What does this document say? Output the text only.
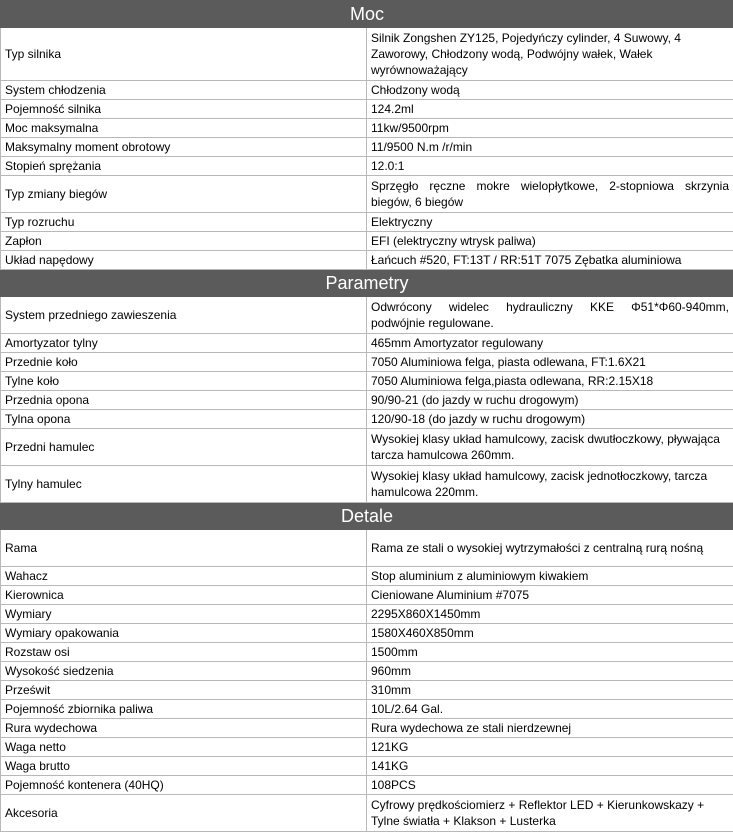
Moc	
Typ silnika	Silnik Zongshen ZY125, Pojedyńczy cylinder, 4 Suwowy, 4 Zaworowy, Chłodzony wodą, Podwójny wałek, Wałek wyrównoważający
System chłodzenia	Chłodzony wodą
Pojemność silnika	124.2ml
Moc maksymalna	11kw/9500rpm
Maksymalny moment obrotowy	11/9500 N.m /r/min
Stopień sprężania	12.0:1
Typ zmiany biegów	Sprzęgło ręczne mokre wielopłytkowe, 2-stopniowa skrzynia biegów, 6 biegów
Typ rozruchu	Elektryczny
Zapłon	EFI (elektryczny wtrysk paliwa)
Układ napędowy	Łańcuch #520, FT:13T / RR:51T 7075 Zębatka aluminiowa
Parametry	
System przedniego zawieszenia	Odwrócony widelec hydrauliczny KKE Φ51*Φ60-940mm, podwójnie regulowane.
Amortyzator tylny	465mm Amortyzator regulowany
Przednie koło	7050 Aluminiowa felga, piasta odlewana, FT:1.6X21
Tylne koło	7050 Aluminiowa felga,piasta odlewana, RR:2.15X18
Przednia opona	90/90-21 (do jazdy w ruchu drogowym)
Tylna opona	120/90-18 (do jazdy w ruchu drogowym)
Przedni hamulec	Wysokiej klasy układ hamulcowy, zacisk dwutłoczkowy, pływająca tarcza hamulcowa 260mm.
Tylny hamulec	Wysokiej klasy układ hamulcowy, zacisk jednotłoczkowy, tarcza hamulcowa 220mm.
Detale	
Rama	Rama ze stali o wysokiej wytrzymałości z centralną rurą nośną
Wahacz	Stop aluminium z aluminiowym kiwakiem
Kierownica	Cieniowane Aluminium #7075
Wymiary	2295X860X1450mm
Wymiary opakowania	1580X460X850mm
Rozstaw osi	1500mm
Wysokość siedzenia	960mm
Prześwit	310mm
Pojemność zbiornika paliwa	10L/2.64 Gal.
Rura wydechowa	Rura wydechowa ze stali nierdzewnej
Waga netto	121KG
Waga brutto	141KG
Pojemność kontenera (40HQ)	108PCS
Akcesoria	Cyfrowy prędkościomierz + Reflektor LED + Kierunkowskazy + Tylne światła + Klakson + Lusterka
